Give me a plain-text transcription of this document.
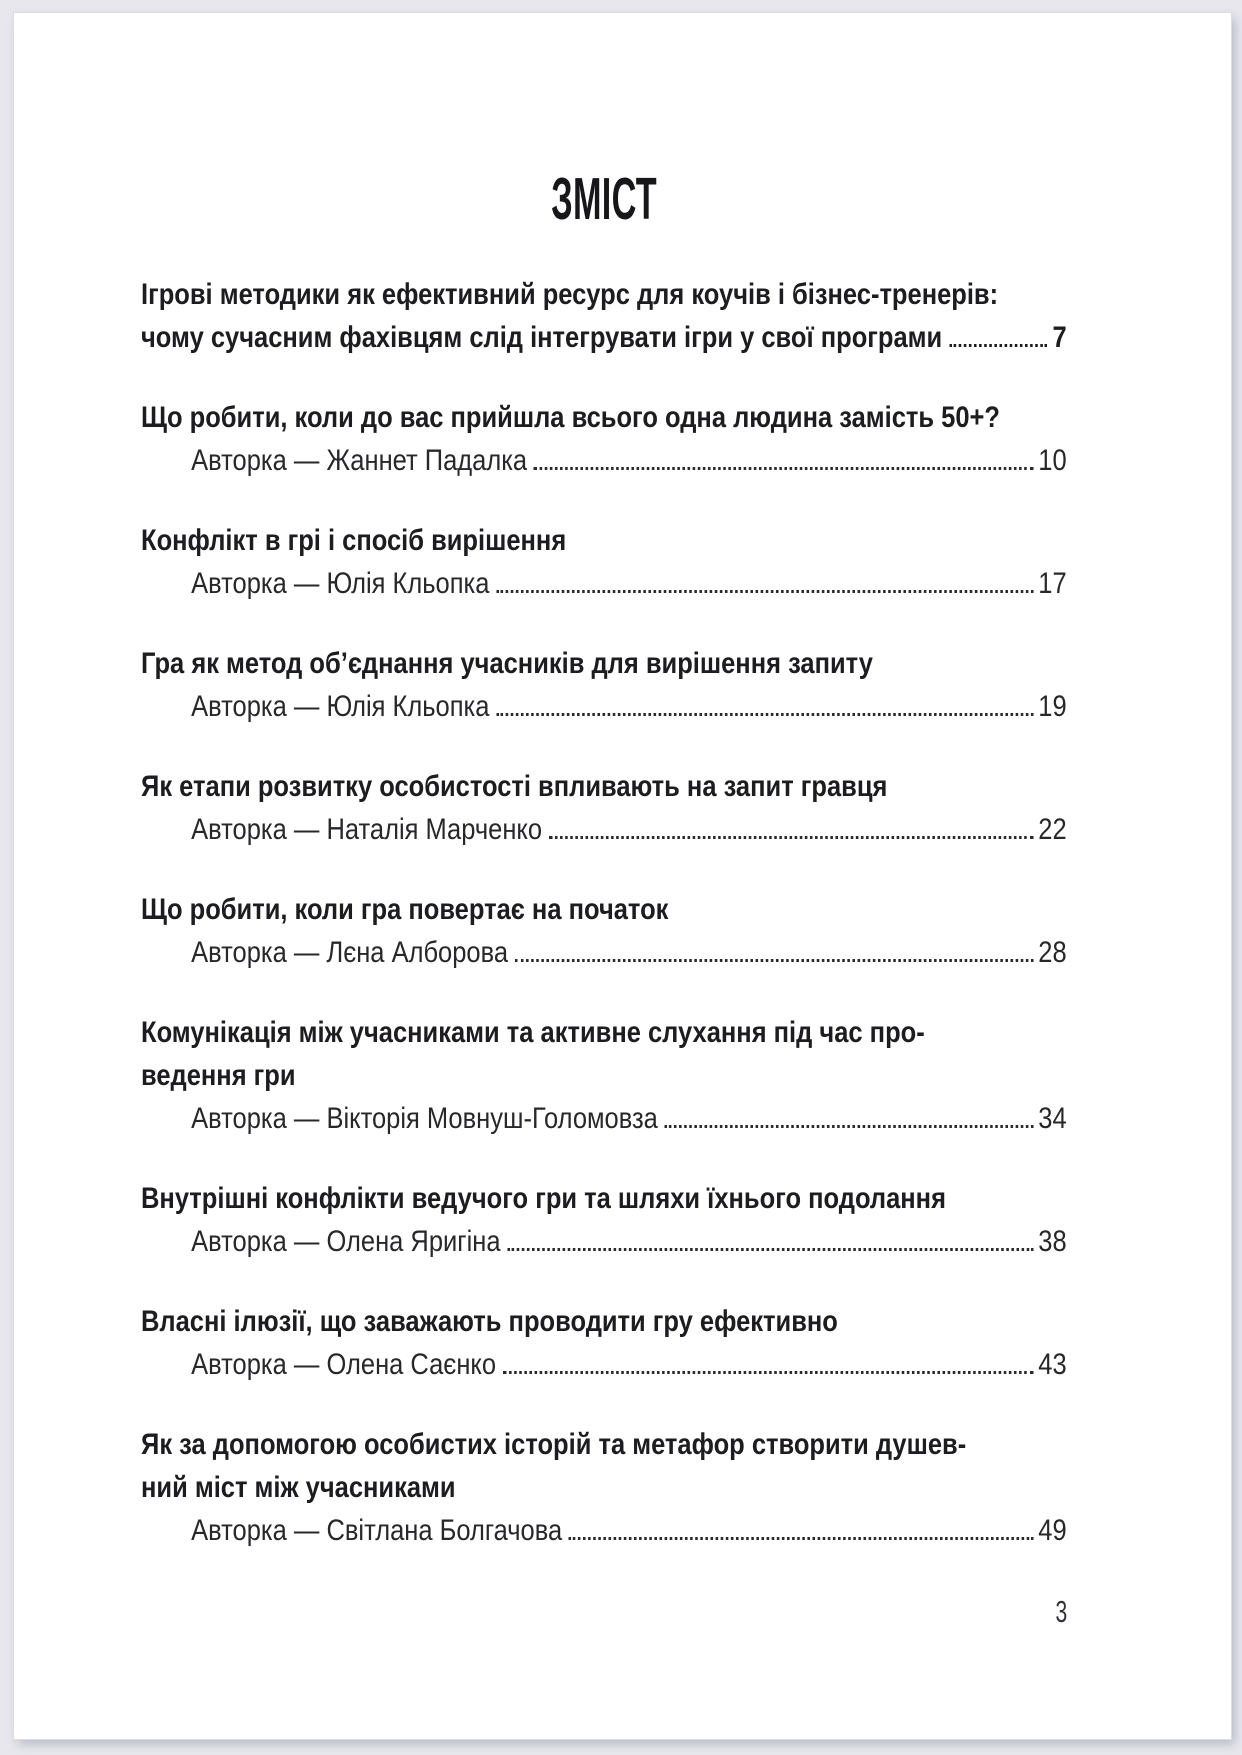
ЗМІСТ
Ігрові методики як ефективний ресурс для коучів і бізнес-тренерів:
чому сучасним фахівцям слід інтегрувати ігри у свої програми	7
Що робити, коли до вас прийшла всього одна людина замість 50+?
Авторка — Жаннет Падалка	10
Конфлікт в грі і спосіб вирішення
Авторка — Юлія Кльопка	17
Гра як метод об’єднання учасників для вирішення запиту
Авторка — Юлія Кльопка	19
Як етапи розвитку особистості впливають на запит гравця
Авторка — Наталія Марченко	22
Що робити, коли гра повертає на початок
Авторка — Лєна Алборова	28
Комунікація між учасниками та активне слухання під час про-
ведення гри
Авторка — Вікторія Мовнуш-Голомовза	34
Внутрішні конфлікти ведучого гри та шляхи їхнього подолання
Авторка — Олена Яригіна	38
Власні ілюзії, що заважають проводити гру ефективно
Авторка — Олена Саєнко	43
Як за допомогою особистих історій та метафор створити душев-
ний міст між учасниками
Авторка — Світлана Болгачова	49
3
